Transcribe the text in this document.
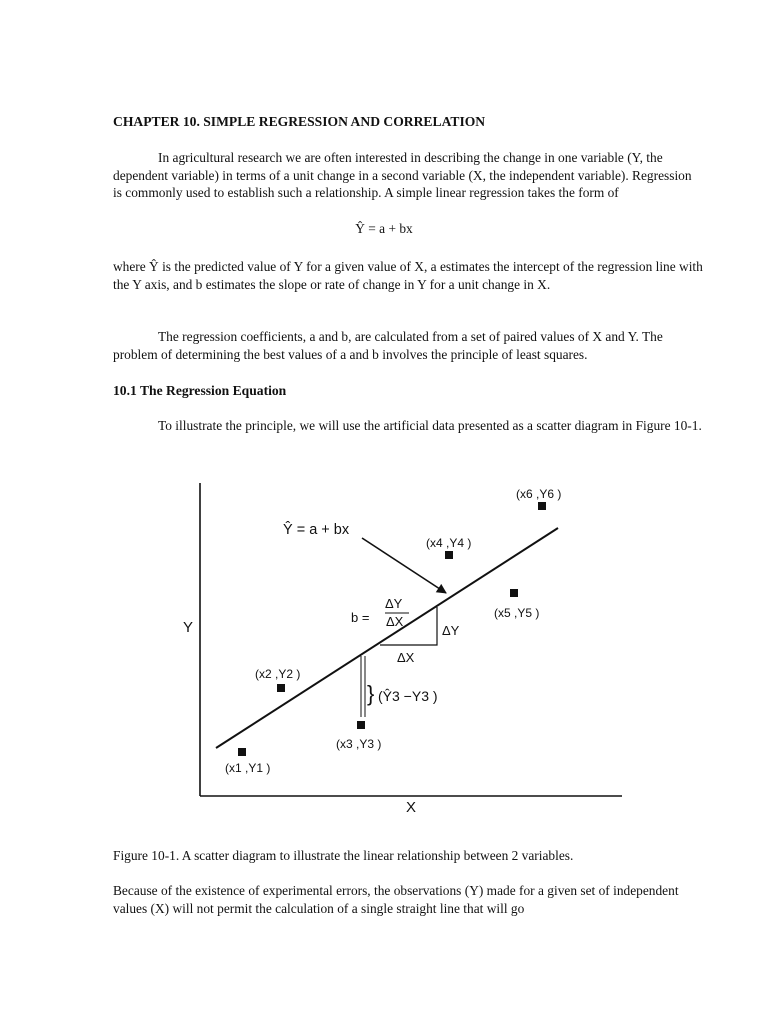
CHAPTER 10. SIMPLE REGRESSION AND CORRELATION
In agricultural research we are often interested in describing the change in one variable (Y, the dependent variable) in terms of a unit change in a second variable (X, the independent variable). Regression is commonly used to establish such a relationship. A simple linear regression takes the form of
Ŷ = a + bx
where Ŷ is the predicted value of Y for a given value of X, a estimates the intercept of the regression line with the Y axis, and b estimates the slope or rate of change in Y for a unit change in X.
The regression coefficients, a and b, are calculated from a set of paired values of X and Y. The problem of determining the best values of a and b involves the principle of least squares.
10.1 The Regression Equation
To illustrate the principle, we will use the artificial data presented as a scatter diagram in Figure 10-1.
Y
X
Ŷ = a + bx
b =
ΔY
ΔX
ΔY
ΔX
} (Ŷ3 −Y3 )
(x1 ,Y1 )
(x2 ,Y2 )
(x3 ,Y3 )
(x4 ,Y4 )
(x5 ,Y5 )
(x6 ,Y6 )
Figure 10-1. A scatter diagram to illustrate the linear relationship between 2 variables.
Because of the existence of experimental errors, the observations (Y) made for a given set of independent values (X) will not permit the calculation of a single straight line that will go
